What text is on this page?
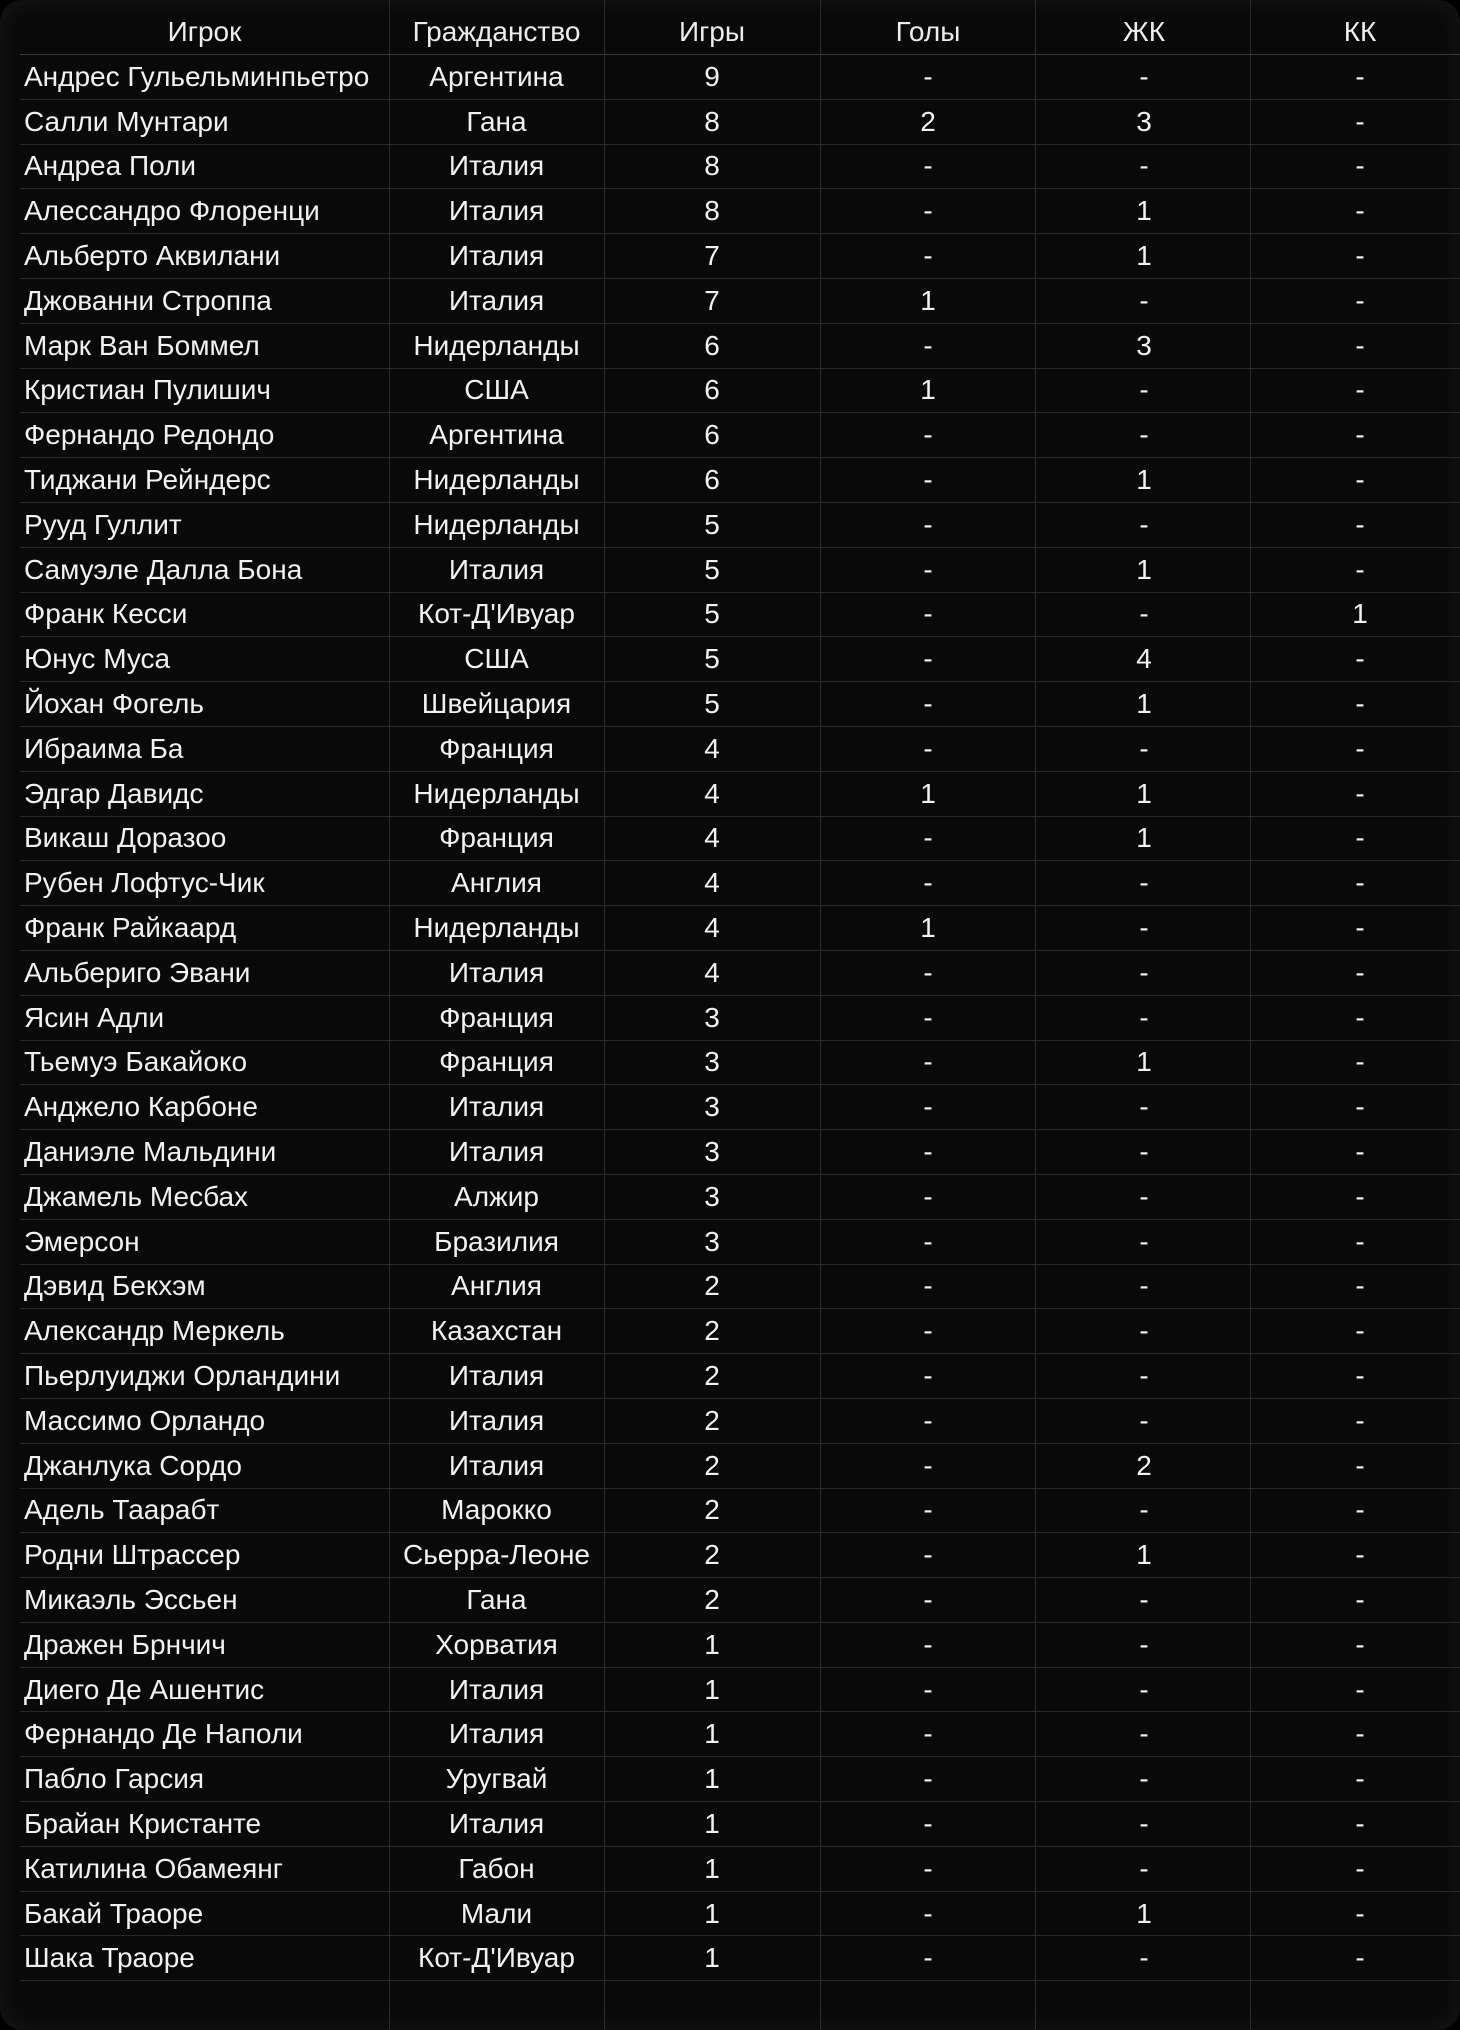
Игрок	Гражданство	Игры	Голы	ЖК	КК
Андрес Гульельминпьетро	Аргентина	9	-	-	-
Салли Мунтари	Гана	8	2	3	-
Андреа Поли	Италия	8	-	-	-
Алессандро Флоренци	Италия	8	-	1	-
Альберто Аквилани	Италия	7	-	1	-
Джованни Строппа	Италия	7	1	-	-
Марк Ван Боммел	Нидерланды	6	-	3	-
Кристиан Пулишич	США	6	1	-	-
Фернандо Редондо	Аргентина	6	-	-	-
Тиджани Рейндерс	Нидерланды	6	-	1	-
Рууд Гуллит	Нидерланды	5	-	-	-
Самуэле Далла Бона	Италия	5	-	1	-
Франк Кесси	Кот-Д'Ивуар	5	-	-	1
Юнус Муса	США	5	-	4	-
Йохан Фогель	Швейцария	5	-	1	-
Ибраима Ба	Франция	4	-	-	-
Эдгар Давидс	Нидерланды	4	1	1	-
Викаш Доразоо	Франция	4	-	1	-
Рубен Лофтус-Чик	Англия	4	-	-	-
Франк Райкаард	Нидерланды	4	1	-	-
Альбериго Эвани	Италия	4	-	-	-
Ясин Адли	Франция	3	-	-	-
Тьемуэ Бакайоко	Франция	3	-	1	-
Анджело Карбоне	Италия	3	-	-	-
Даниэле Мальдини	Италия	3	-	-	-
Джамель Месбах	Алжир	3	-	-	-
Эмерсон	Бразилия	3	-	-	-
Дэвид Бекхэм	Англия	2	-	-	-
Александр Меркель	Казахстан	2	-	-	-
Пьерлуиджи Орландини	Италия	2	-	-	-
Массимо Орландо	Италия	2	-	-	-
Джанлука Сордо	Италия	2	-	2	-
Адель Таарабт	Марокко	2	-	-	-
Родни Штрассер	Сьерра-Леоне	2	-	1	-
Микаэль Эссьен	Гана	2	-	-	-
Дражен Брнчич	Хорватия	1	-	-	-
Диего Де Ашентис	Италия	1	-	-	-
Фернандо Де Наполи	Италия	1	-	-	-
Пабло Гарсия	Уругвай	1	-	-	-
Брайан Кристанте	Италия	1	-	-	-
Катилина Обамеянг	Габон	1	-	-	-
Бакай Траоре	Мали	1	-	1	-
Шака Траоре	Кот-Д'Ивуар	1	-	-	-
